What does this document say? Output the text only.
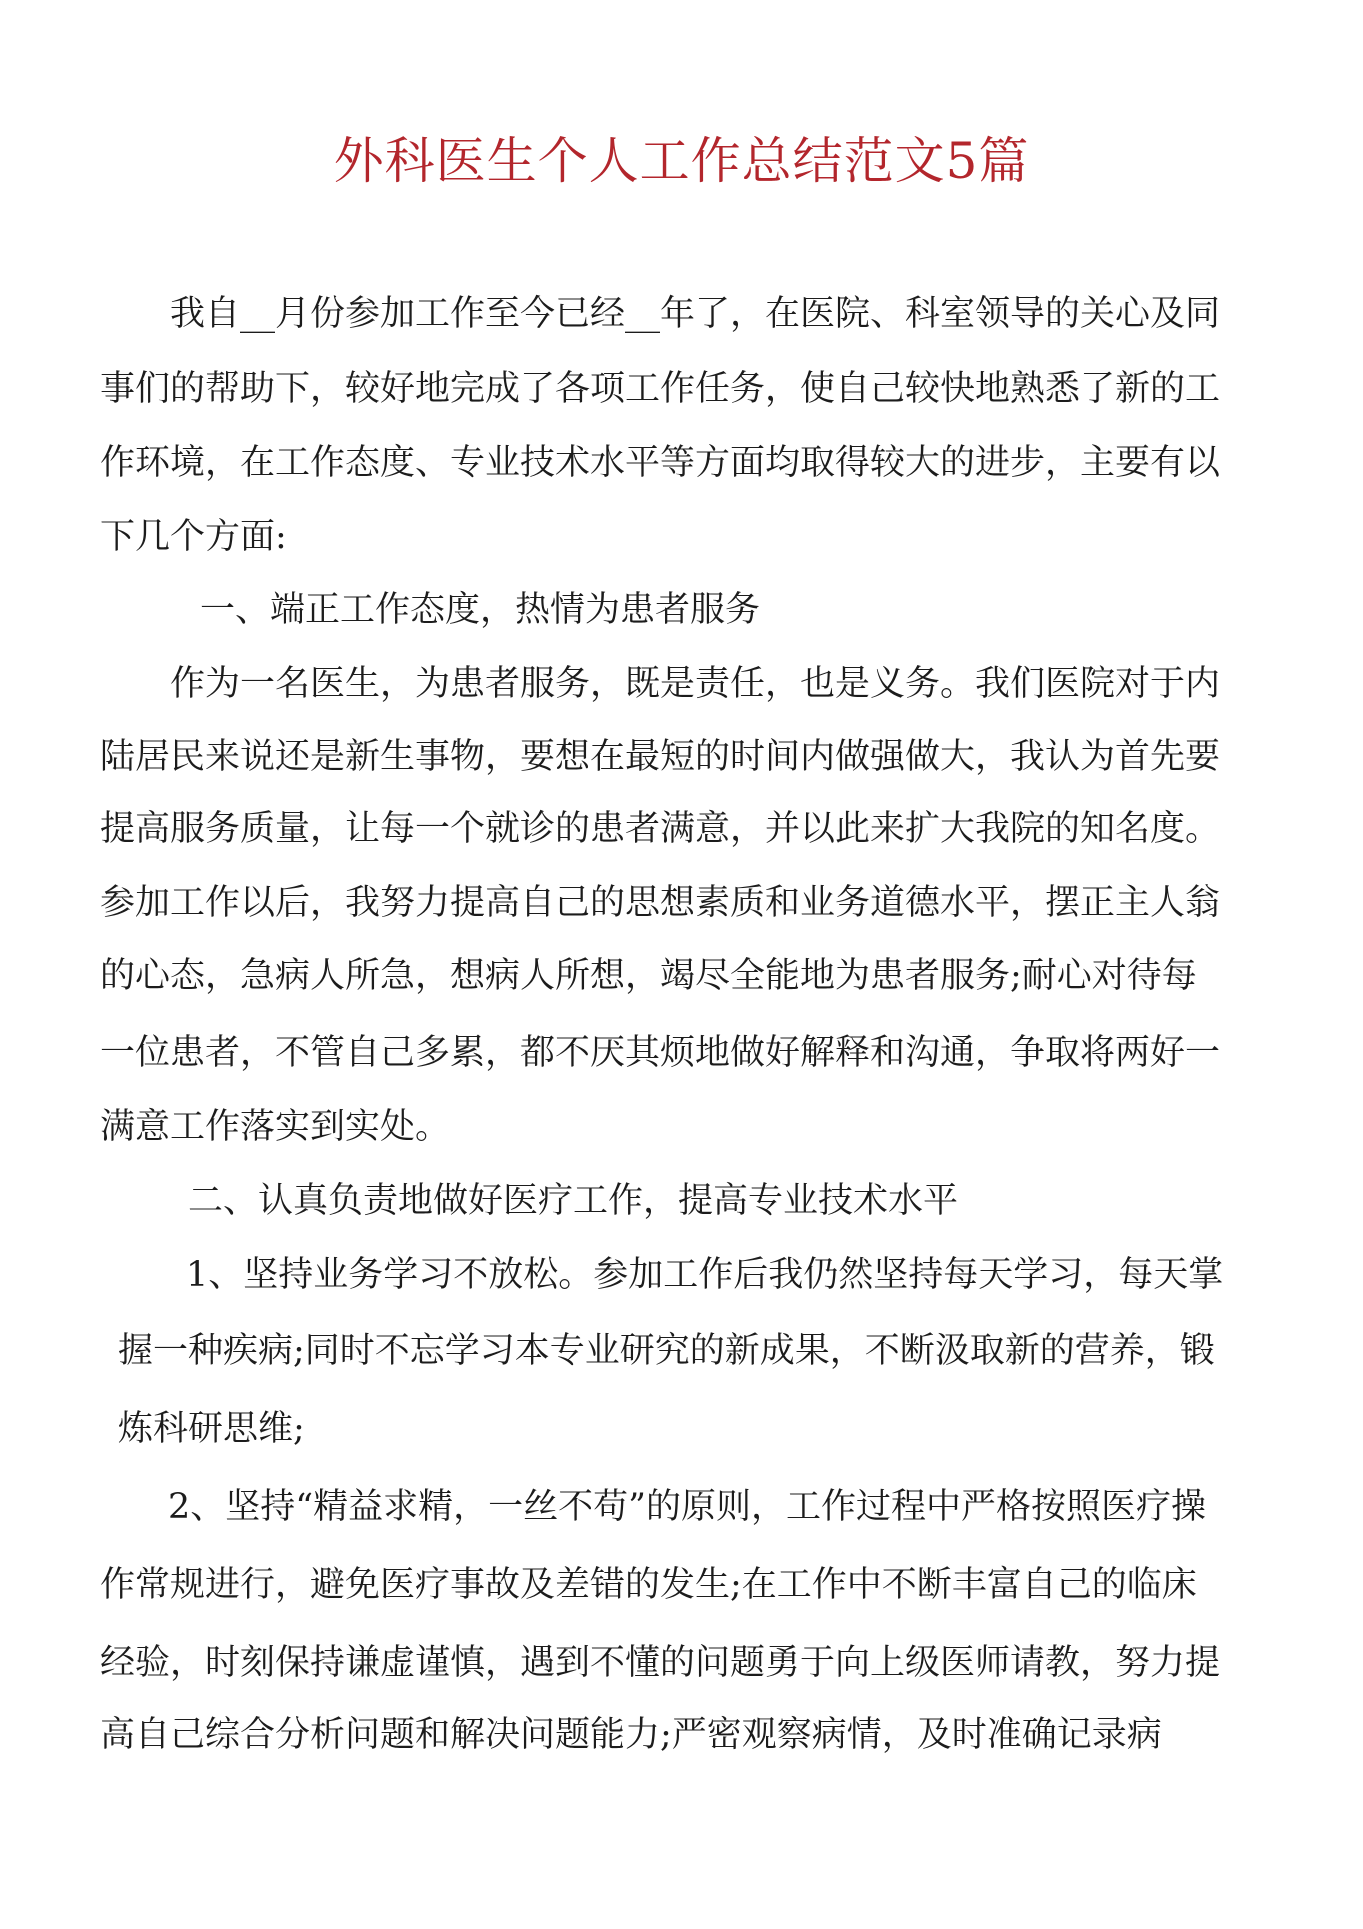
外科医生个人工作总结范文5篇
我自__月份参加工作至今已经__年了，在医院、科室领导的关心及同
事们的帮助下，较好地完成了各项工作任务，使自己较快地熟悉了新的工
作环境，在工作态度、专业技术水平等方面均取得较大的进步，主要有以
下几个方面:
一、端正工作态度，热情为患者服务
作为一名医生，为患者服务，既是责任，也是义务。我们医院对于内
陆居民来说还是新生事物，要想在最短的时间内做强做大，我认为首先要
提高服务质量，让每一个就诊的患者满意，并以此来扩大我院的知名度。
参加工作以后，我努力提高自己的思想素质和业务道德水平，摆正主人翁
的心态，急病人所急，想病人所想，竭尽全能地为患者服务;耐心对待每
一位患者，不管自己多累，都不厌其烦地做好解释和沟通，争取将两好一
满意工作落实到实处。
二、认真负责地做好医疗工作，提高专业技术水平
1、坚持业务学习不放松。参加工作后我仍然坚持每天学习，每天掌
握一种疾病;同时不忘学习本专业研究的新成果，不断汲取新的营养，锻
炼科研思维;
2、坚持“精益求精，一丝不苟”的原则，工作过程中严格按照医疗操
作常规进行，避免医疗事故及差错的发生;在工作中不断丰富自己的临床
经验，时刻保持谦虚谨慎，遇到不懂的问题勇于向上级医师请教，努力提
高自己综合分析问题和解决问题能力;严密观察病情，及时准确记录病
